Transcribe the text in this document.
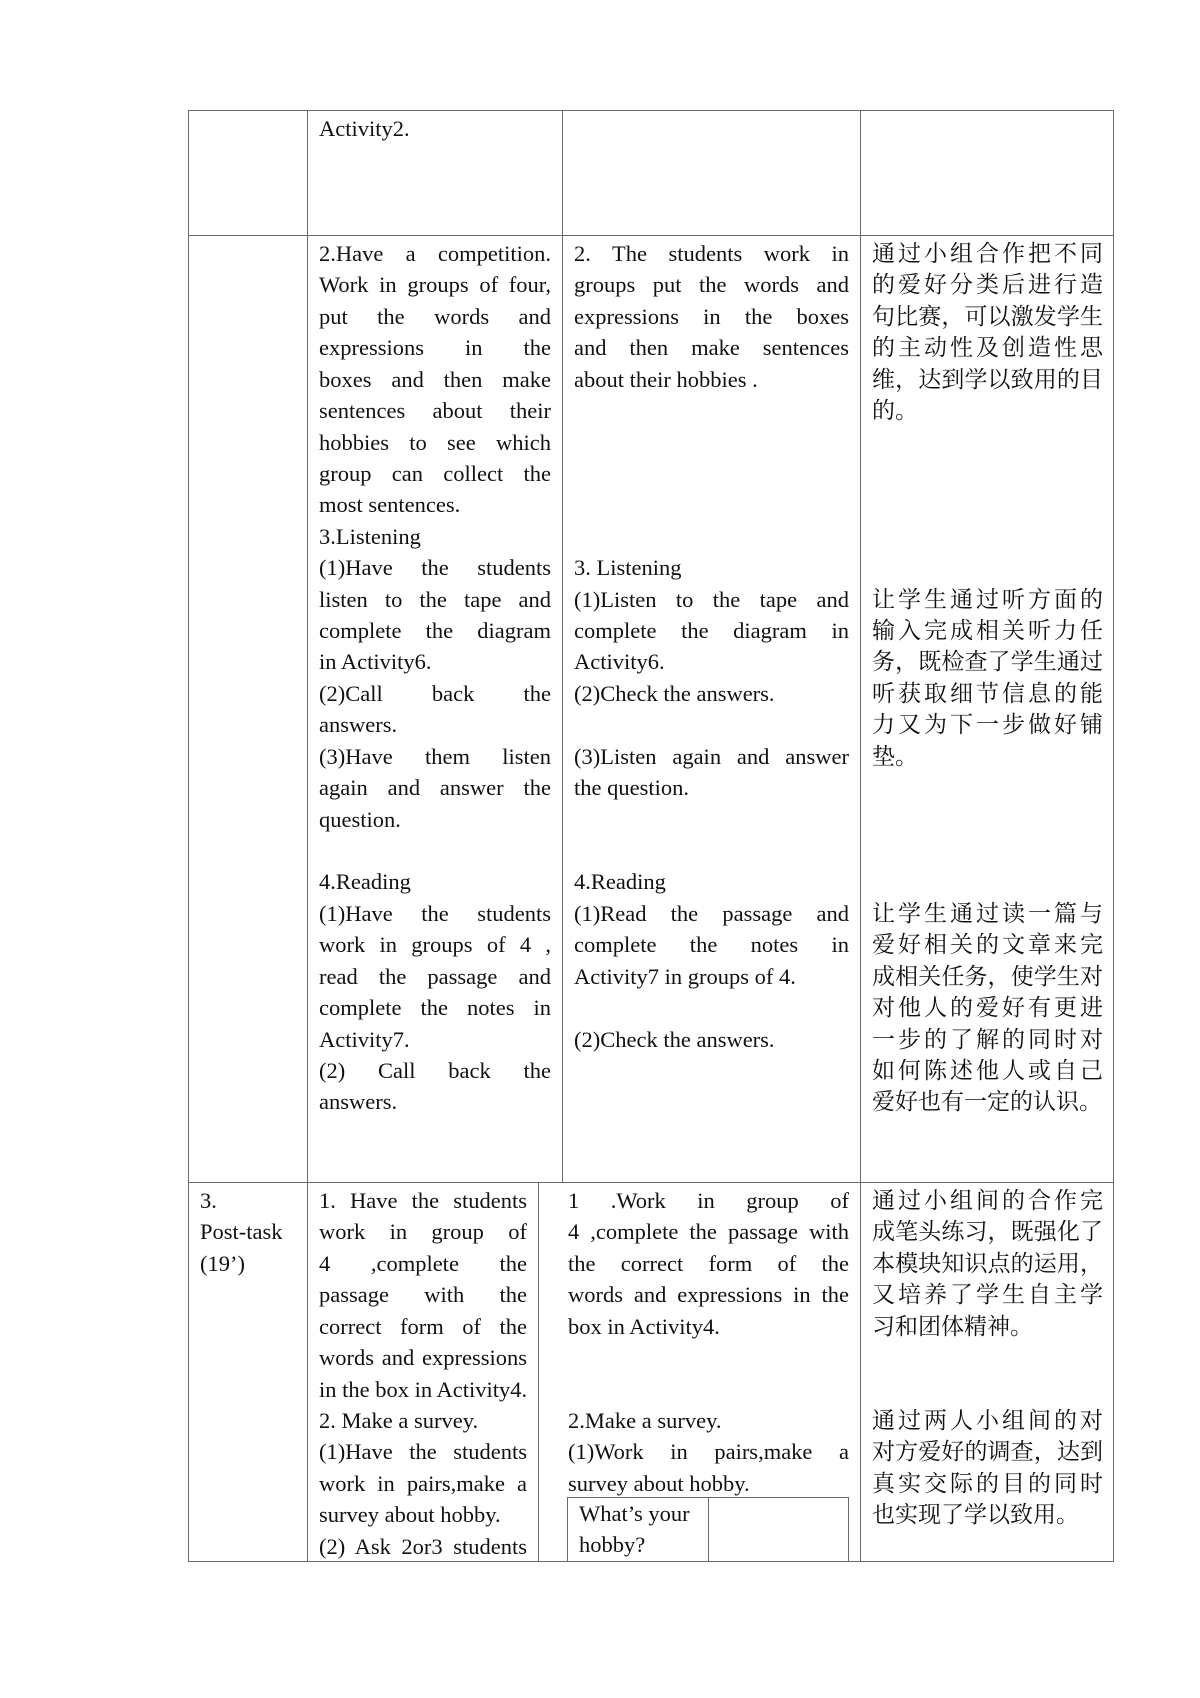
Activity2.
2.Have a competition.
Work in groups of four,
put the words and
expressions in the
boxes and then make
sentences about their
hobbies to see which
group can collect the
most sentences.
3.Listening
(1)Have the students
listen to the tape and
complete the diagram
in Activity6.
(2)Call back the
answers.
(3)Have them listen
again and answer the
question.
4.Reading
(1)Have the students
work in groups of 4 ,
read the passage and
complete the notes in
Activity7.
(2) Call back the
answers.
2. The students work in
groups put the words and
expressions in the boxes
and then make sentences
about their hobbies .
3. Listening
(1)Listen to the tape and
complete the diagram in
Activity6.
(2)Check the answers.
(3)Listen again and answer
the question.
4.Reading
(1)Read the passage and
complete the notes in
Activity7 in groups of 4.
(2)Check the answers.
通过小组合作把不同
的爱好分类后进行造
句比赛，可以激发学生
的主动性及创造性思
维，达到学以致用的目
的。
让学生通过听方面的
输入完成相关听力任
务，既检查了学生通过
听获取细节信息的能
力又为下一步做好铺
垫。
让学生通过读一篇与
爱好相关的文章来完
成相关任务，使学生对
对他人的爱好有更进
一步的了解的同时对
如何陈述他人或自己
爱好也有一定的认识。
3.
Post-task
(19’)
1. Have the students
work in group of
4 ,complete the
passage with the
correct form of the
words and expressions
in the box in Activity4.
2. Make a survey.
(1)Have the students
work in pairs,make a
survey about hobby.
(2) Ask 2or3 students
1 .Work in group of
4 ,complete the passage with
the correct form of the
words and expressions in the
box in Activity4.
2.Make a survey.
(1)Work in pairs,make a
survey about hobby.
通过小组间的合作完
成笔头练习，既强化了
本模块知识点的运用，
又培养了学生自主学
习和团体精神。
通过两人小组间的对
对方爱好的调查，达到
真实交际的目的同时
也实现了学以致用。
What’s your
hobby?
